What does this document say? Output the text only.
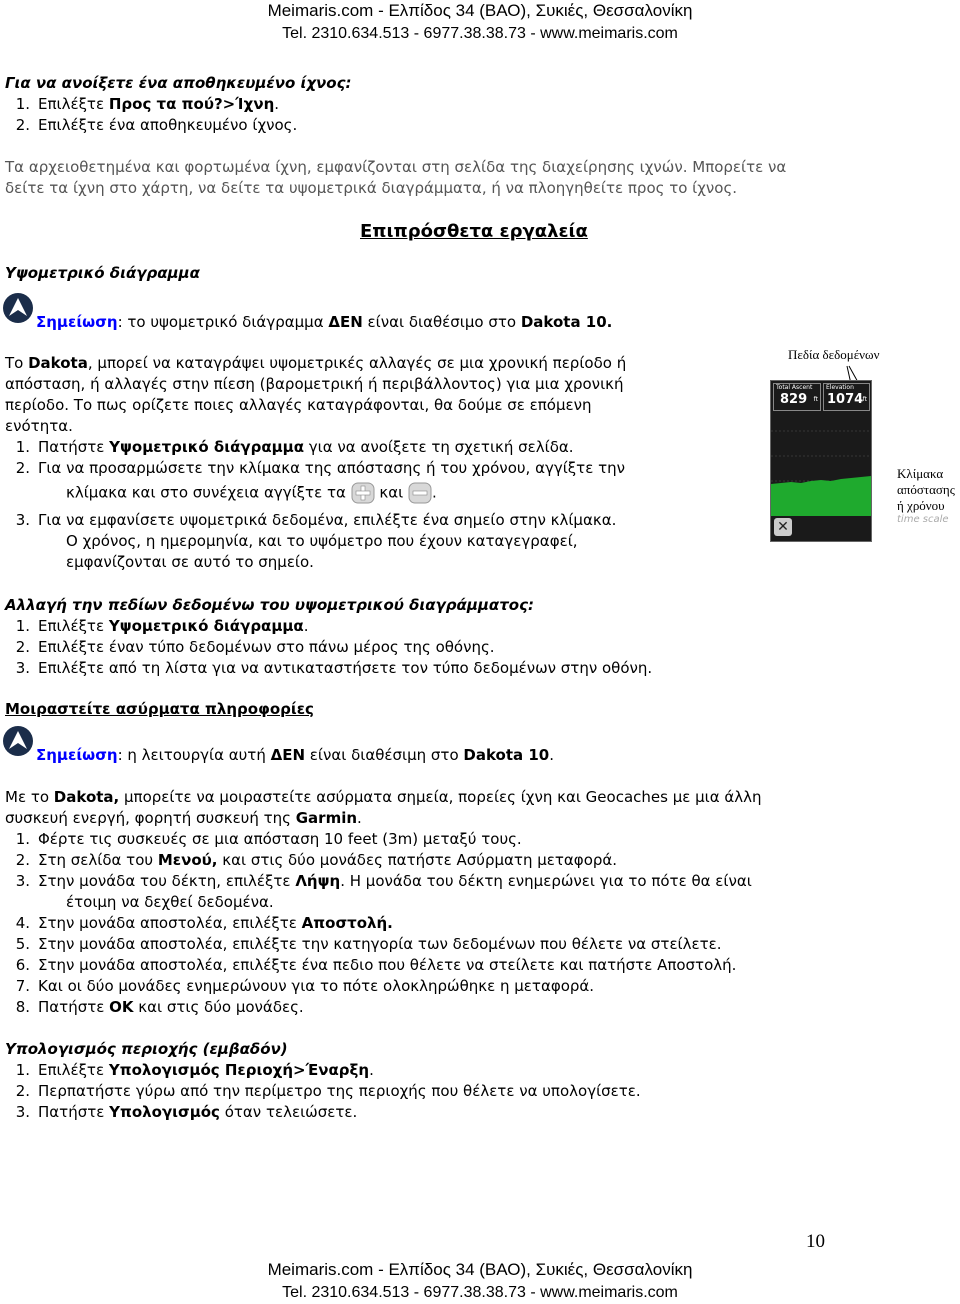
Meimaris.com - Ελπίδος 34 (ΒΑΟ), Συκιές, Θεσσαλονίκη
Tel. 2310.634.513 - 6977.38.38.73 - www.meimaris.com
Για να ανοίξετε ένα αποθηκευμένο ίχνος:
1. Επιλέξτε Προς τα πού?>Ίχνη.
2. Επιλέξτε ένα αποθηκευμένο ίχνος.
Τα αρχειοθετημένα και φορτωμένα ίχνη, εμφανίζονται στη σελίδα της διαχείρησης ιχνών. Μπορείτε να
δείτε τα ίχνη στο χάρτη, να δείτε τα υψομετρικά διαγράμματα, ή να πλοηγηθείτε προς το ίχνος.
Επιπρόσθετα εργαλεία
Υψομετρικό διάγραμμα
Σημείωση: το υψομετρικό διάγραμμα ΔΕΝ είναι διαθέσιμο στο Dakota 10.
Το Dakota, μπορεί να καταγράψει υψομετρικές αλλαγές σε μια χρονική περίοδο ή
απόσταση, ή αλλαγές στην πίεση (βαρομετρική ή περιβάλλοντος) για μια χρονική
περίοδο. Το πως ορίζετε ποιες αλλαγές καταγράφονται, θα δούμε σε επόμενη
ενότητα.
1. Πατήστε Υψομετρικό διάγραμμα για να ανοίξετε τη σχετική σελίδα.
2. Για να προσαρμώσετε την κλίμακα της απόστασης ή του χρόνου, αγγίξτε την
κλίμακα και στο συνέχεια αγγίξτε τα  και .
3. Για να εμφανίσετε υψομετρικά δεδομένα, επιλέξτε ένα σημείο στην κλίμακα.
Ο χρόνος, η ημερομηνία, και το υψόμετρο που έχουν καταγεγραφεί,
εμφανίζονται σε αυτό το σημείο.
Πεδία δεδομένων
Total Ascent
829 ft
Elevation
1074 ft
✕
Κλίμακα
απόστασης
ή χρόνου
time scale
Αλλαγή την πεδίων δεδομένω του υψομετρικού διαγράμματος:
1. Επιλέξτε Υψομετρικό διάγραμμα.
2. Επιλέξτε έναν τύπο δεδομένων στο πάνω μέρος της οθόνης.
3. Επιλέξτε από τη λίστα για να αντικαταστήσετε τον τύπο δεδομένων στην οθόνη.
Μοιραστείτε ασύρματα πληροφορίες
Σημείωση: η λειτουργία αυτή ΔΕΝ είναι διαθέσιμη στο Dakota 10.
Με το Dakota, μπορείτε να μοιραστείτε ασύρματα σημεία, πορείες ίχνη και Geocaches με μια άλλη
συσκευή ενεργή, φορητή συσκευή της Garmin.
1. Φέρτε τις συσκευές σε μια απόσταση 10 feet (3m) μεταξύ τους.
2. Στη σελίδα του Μενού, και στις δύο μονάδες πατήστε Ασύρματη μεταφορά.
3. Στην μονάδα του δέκτη, επιλέξτε Λήψη. Η μονάδα του δέκτη ενημερώνει για το πότε θα είναι
έτοιμη να δεχθεί δεδομένα.
4. Στην μονάδα αποστολέα, επιλέξτε Αποστολή.
5. Στην μονάδα αποστολέα, επιλέξτε την κατηγορία των δεδομένων που θέλετε να στείλετε.
6. Στην μονάδα αποστολέα, επιλέξτε ένα πεδιο που θέλετε να στείλετε και πατήστε Αποστολή.
7. Και οι δύο μονάδες ενημερώνουν για το πότε ολοκληρώθηκε η μεταφορά.
8. Πατήστε ΟΚ και στις δύο μονάδες.
Υπολογισμός περιοχής (εμβαδόν)
1. Επιλέξτε Υπολογισμός Περιοχή>Έναρξη.
2. Περπατήστε γύρω από την περίμετρο της περιοχής που θέλετε να υπολογίσετε.
3. Πατήστε Υπολογισμός όταν τελειώσετε.
10
Meimaris.com - Ελπίδος 34 (ΒΑΟ), Συκιές, Θεσσαλονίκη
Tel. 2310.634.513 - 6977.38.38.73 - www.meimaris.com
